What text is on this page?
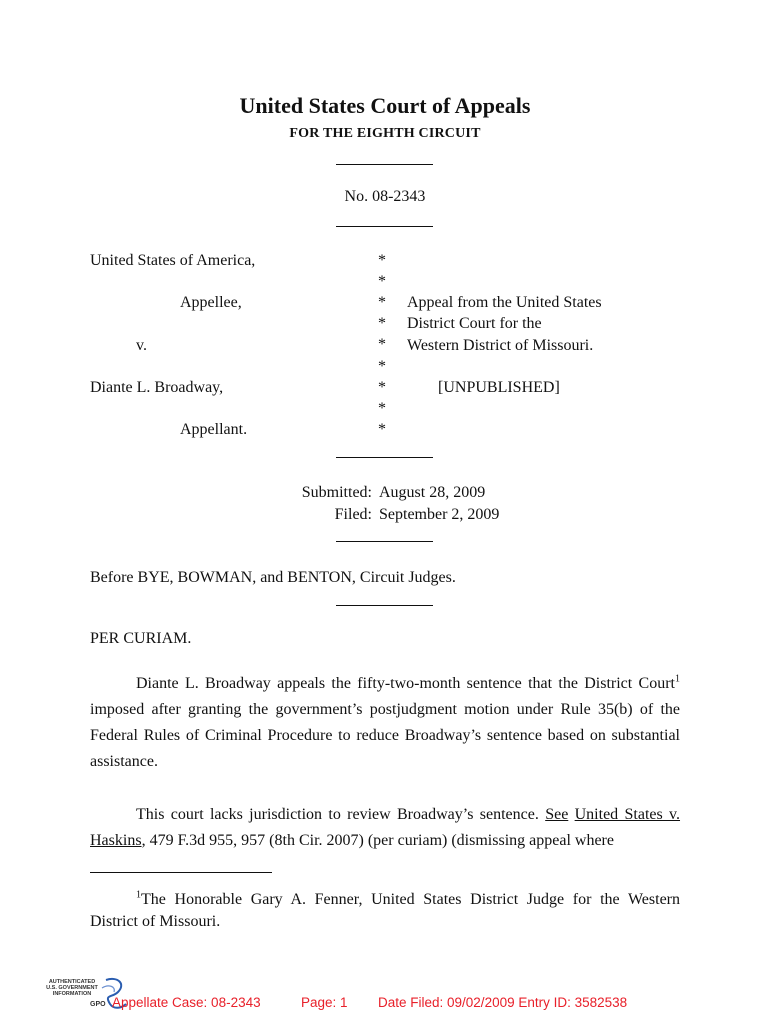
United States Court of Appeals
FOR THE EIGHTH CIRCUIT
No. 08-2343
United States of America,
Appellee,
v.
Diante L. Broadway,
Appellant.
*
*
*
*
*
*
*
*
*
Appeal from the United States
District Court for the
Western District of Missouri.
[UNPUBLISHED]
Submitted: August 28, 2009
Filed: September 2, 2009
Before BYE, BOWMAN, and BENTON, Circuit Judges.
PER CURIAM.
Diante L. Broadway appeals the fifty-two-month sentence that the District Court$^1$ imposed after granting the government’s postjudgment motion under Rule 35(b) of the Federal Rules of Criminal Procedure to reduce Broadway’s sentence based on substantial assistance.
This court lacks jurisdiction to review Broadway’s sentence. See United States v. Haskins, 479 F.3d 955, 957 (8th Cir. 2007) (per curiam) (dismissing appeal where
$^1$The Honorable Gary A. Fenner, United States District Judge for the Western District of Missouri.
AUTHENTICATED
U.S. GOVERNMENT
INFORMATION
GPO Appellate Case: 08-2343	Page: 1 Date Filed: 09/02/2009 Entry ID: 3582538
